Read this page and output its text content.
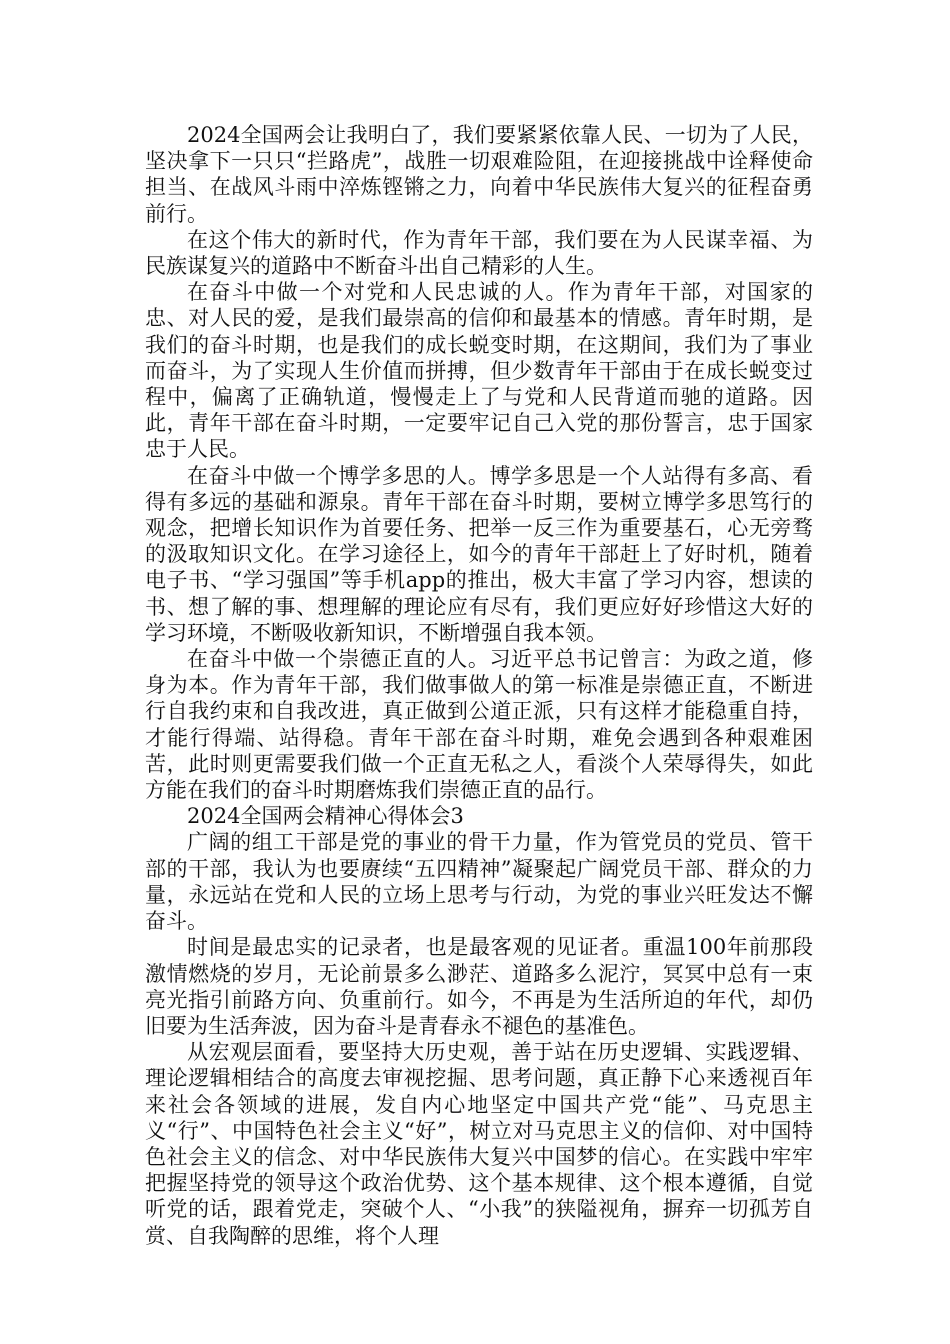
2024全国两会让我明白了，我们要紧紧依靠人民、一切为了人民，坚决拿下一只只“拦路虎”，战胜一切艰难险阻，在迎接挑战中诠释使命担当、在战风斗雨中淬炼铿锵之力，向着中华民族伟大复兴的征程奋勇前行。

在这个伟大的新时代，作为青年干部，我们要在为人民谋幸福、为民族谋复兴的道路中不断奋斗出自己精彩的人生。

在奋斗中做一个对党和人民忠诚的人。作为青年干部，对国家的忠、对人民的爱，是我们最崇高的信仰和最基本的情感。青年时期，是我们的奋斗时期，也是我们的成长蜕变时期，在这期间，我们为了事业而奋斗，为了实现人生价值而拼搏，但少数青年干部由于在成长蜕变过程中，偏离了正确轨道，慢慢走上了与党和人民背道而驰的道路。因此，青年干部在奋斗时期，一定要牢记自己入党的那份誓言，忠于国家忠于人民。

在奋斗中做一个博学多思的人。博学多思是一个人站得有多高、看得有多远的基础和源泉。青年干部在奋斗时期，要树立博学多思笃行的观念，把增长知识作为首要任务、把举一反三作为重要基石，心无旁骛的汲取知识文化。在学习途径上，如今的青年干部赶上了好时机，随着电子书、“学习强国”等手机app的推出，极大丰富了学习内容，想读的书、想了解的事、想理解的理论应有尽有，我们更应好好珍惜这大好的学习环境，不断吸收新知识，不断增强自我本领。

在奋斗中做一个崇德正直的人。习近平总书记曾言：为政之道，修身为本。作为青年干部，我们做事做人的第一标准是崇德正直，不断进行自我约束和自我改进，真正做到公道正派，只有这样才能稳重自持，才能行得端、站得稳。青年干部在奋斗时期，难免会遇到各种艰难困苦，此时则更需要我们做一个正直无私之人，看淡个人荣辱得失，如此方能在我们的奋斗时期磨炼我们崇德正直的品行。

2024全国两会精神心得体会3

广阔的组工干部是党的事业的骨干力量，作为管党员的党员、管干部的干部，我认为也要赓续“五四精神”凝聚起广阔党员干部、群众的力量，永远站在党和人民的立场上思考与行动，为党的事业兴旺发达不懈奋斗。

时间是最忠实的记录者，也是最客观的见证者。重温100年前那段激情燃烧的岁月，无论前景多么渺茫、道路多么泥泞，冥冥中总有一束亮光指引前路方向、负重前行。如今，不再是为生活所迫的年代，却仍旧要为生活奔波，因为奋斗是青春永不褪色的基准色。

从宏观层面看，要坚持大历史观，善于站在历史逻辑、实践逻辑、理论逻辑相结合的高度去审视挖掘、思考问题，真正静下心来透视百年来社会各领域的进展，发自内心地坚定中国共产党“能”、马克思主义“行”、中国特色社会主义“好”，树立对马克思主义的信仰、对中国特色社会主义的信念、对中华民族伟大复兴中国梦的信心。在实践中牢牢把握坚持党的领导这个政治优势、这个基本规律、这个根本遵循，自觉听党的话，跟着党走，突破个人、“小我”的狭隘视角，摒弃一切孤芳自赏、自我陶醉的思维，将个人理
